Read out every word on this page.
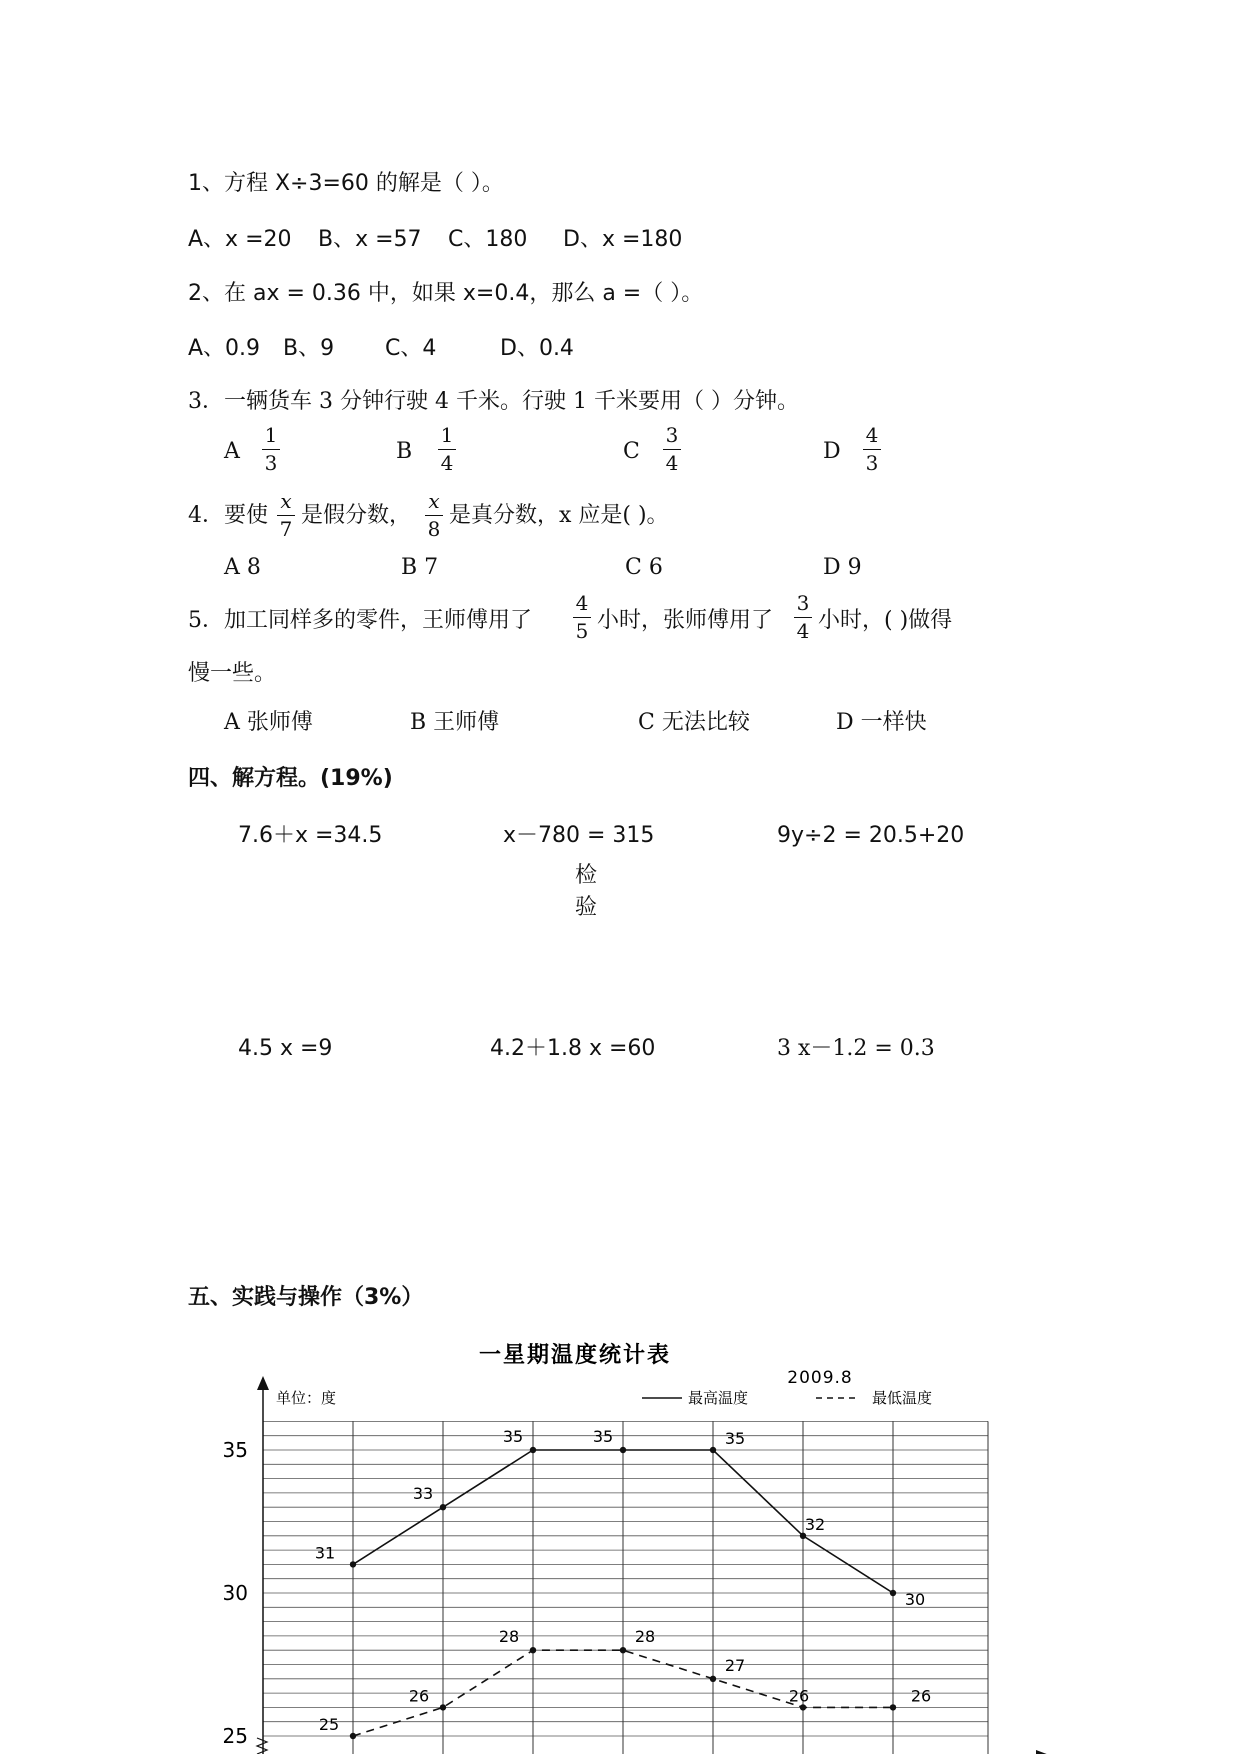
1、方程 X÷3=60 的解是（ ）。
A、x =20 B、x =57 C、180 D、x =180
2、在 ax = 0.36 中，如果 x=0.4，那么 a =（ ）。
A、0.9 B、9 C、4	D、0.4
3．一辆货车 3 分钟行驶 4 千米。行驶 1 千米要用（ ）分钟。
A
1
3	B
1
4	C
3
4	D
4
3
4．要使
x
7
是假分数，
x
8
是真分数，x 应是( )。
A 8	B 7	C 6	D 9
5．加工同样多的零件，王师傅用了
4
5 小时，张师傅用了
3
4 小时，( )做得
慢一些。
A 张师傅	B 王师傅	C 无法比较	D 一样快
四、解方程。(19%)
7.6＋x =34.5	x－780 = 315	9y÷2 = 20.5+20
检
验
4.5 x =9	4.2＋1.8 x =60	3 x－1.2 = 0.3
五、实践与操作（3%）
一星期温度统计表
2009.8
单位：度	最高温度	最低温度
35
30
25
31
33
35	35	35
32
30
25
26
28	28
27
26	26
